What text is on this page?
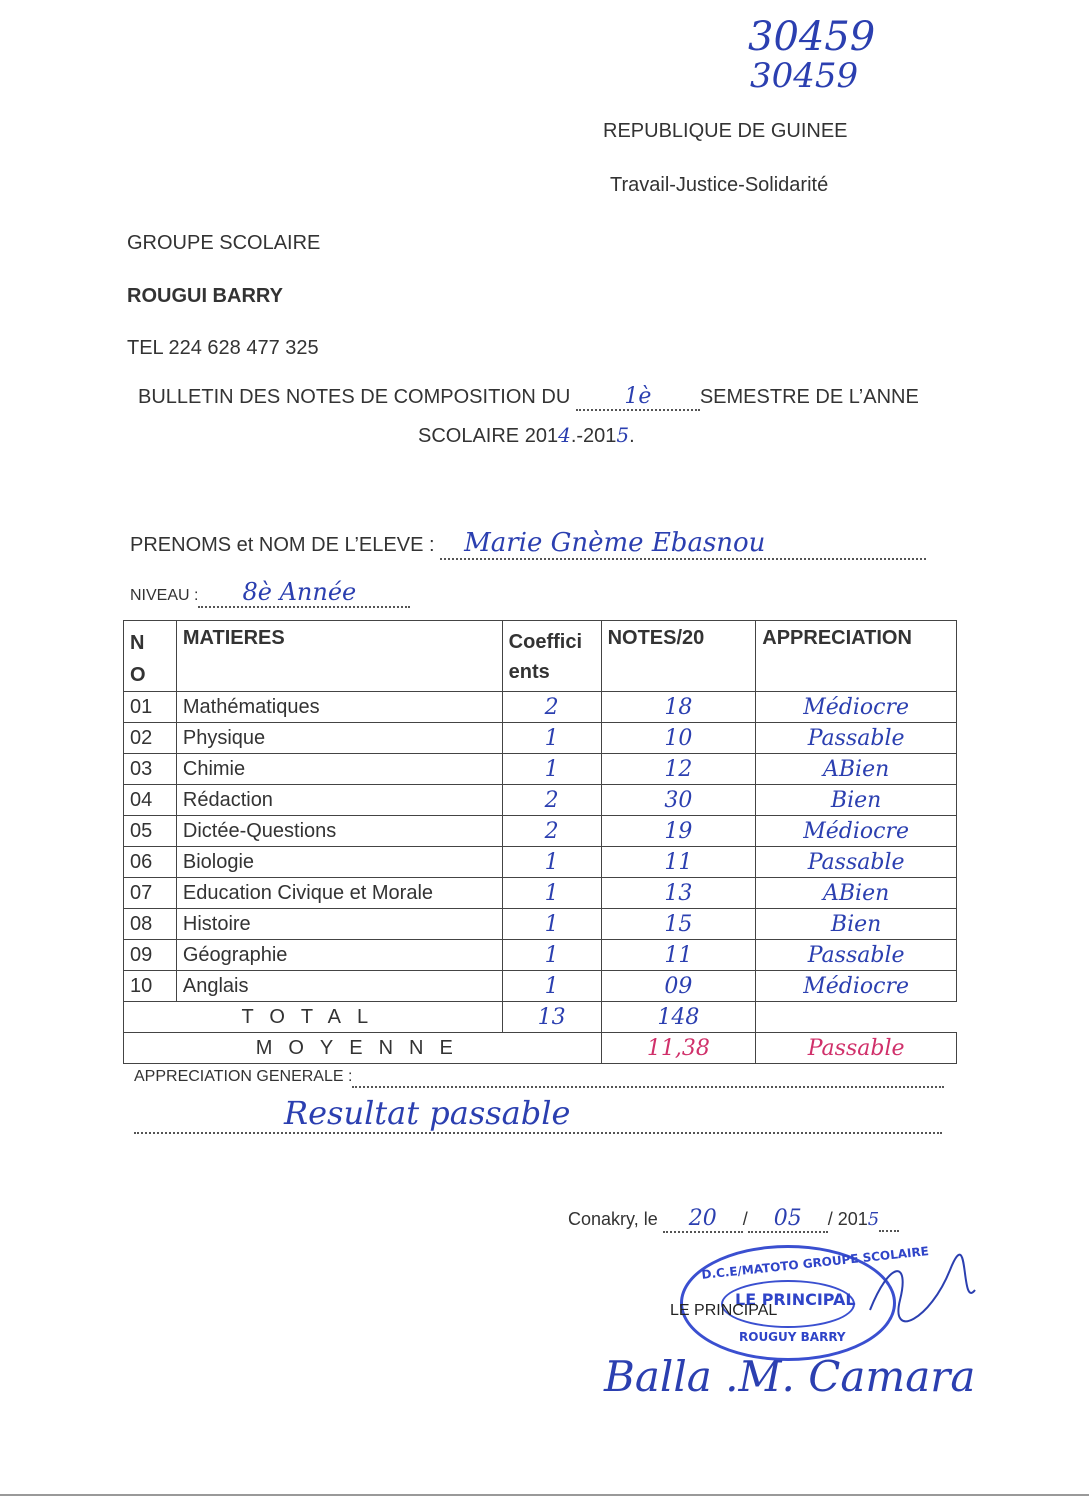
30459
30459
REPUBLIQUE DE GUINEE
Travail-Justice-Solidarité
GROUPE SCOLAIRE
ROUGUI BARRY
TEL 224 628 477 325
BULLETIN DES NOTES DE COMPOSITION DU 1è SEMESTRE DE L’ANNE
SCOLAIRE 2014.-2015.
PRENOMS et NOM DE L’ELEVE : Marie Gnème Ebasnou
NIVEAU : 8è Année
N O	MATIERES	Coeffici ents	NOTES/20	APPRECIATION
01	Mathématiques	2	18	Médiocre
02	Physique	1	10	Passable
03	Chimie	1	12	ABien
04	Rédaction	2	30	Bien
05	Dictée-Questions	2	19	Médiocre
06	Biologie	1	11	Passable
07	Education Civique et Morale	1	13	ABien
08	Histoire	1	15	Bien
09	Géographie	1	11	Passable
10	Anglais	1	09	Médiocre
TOTAL		13	148	
MOYENNE			11,38	Passable
APPRECIATION GENERALE :
Resultat passable
Conakry, le 20 / 05 / 2015
D.C.E/MATOTO GROUPE SCOLAIRE
LE PRINCIPAL
ROUGUY BARRY
LE PRINCIPAL
Balla .M. Camara
